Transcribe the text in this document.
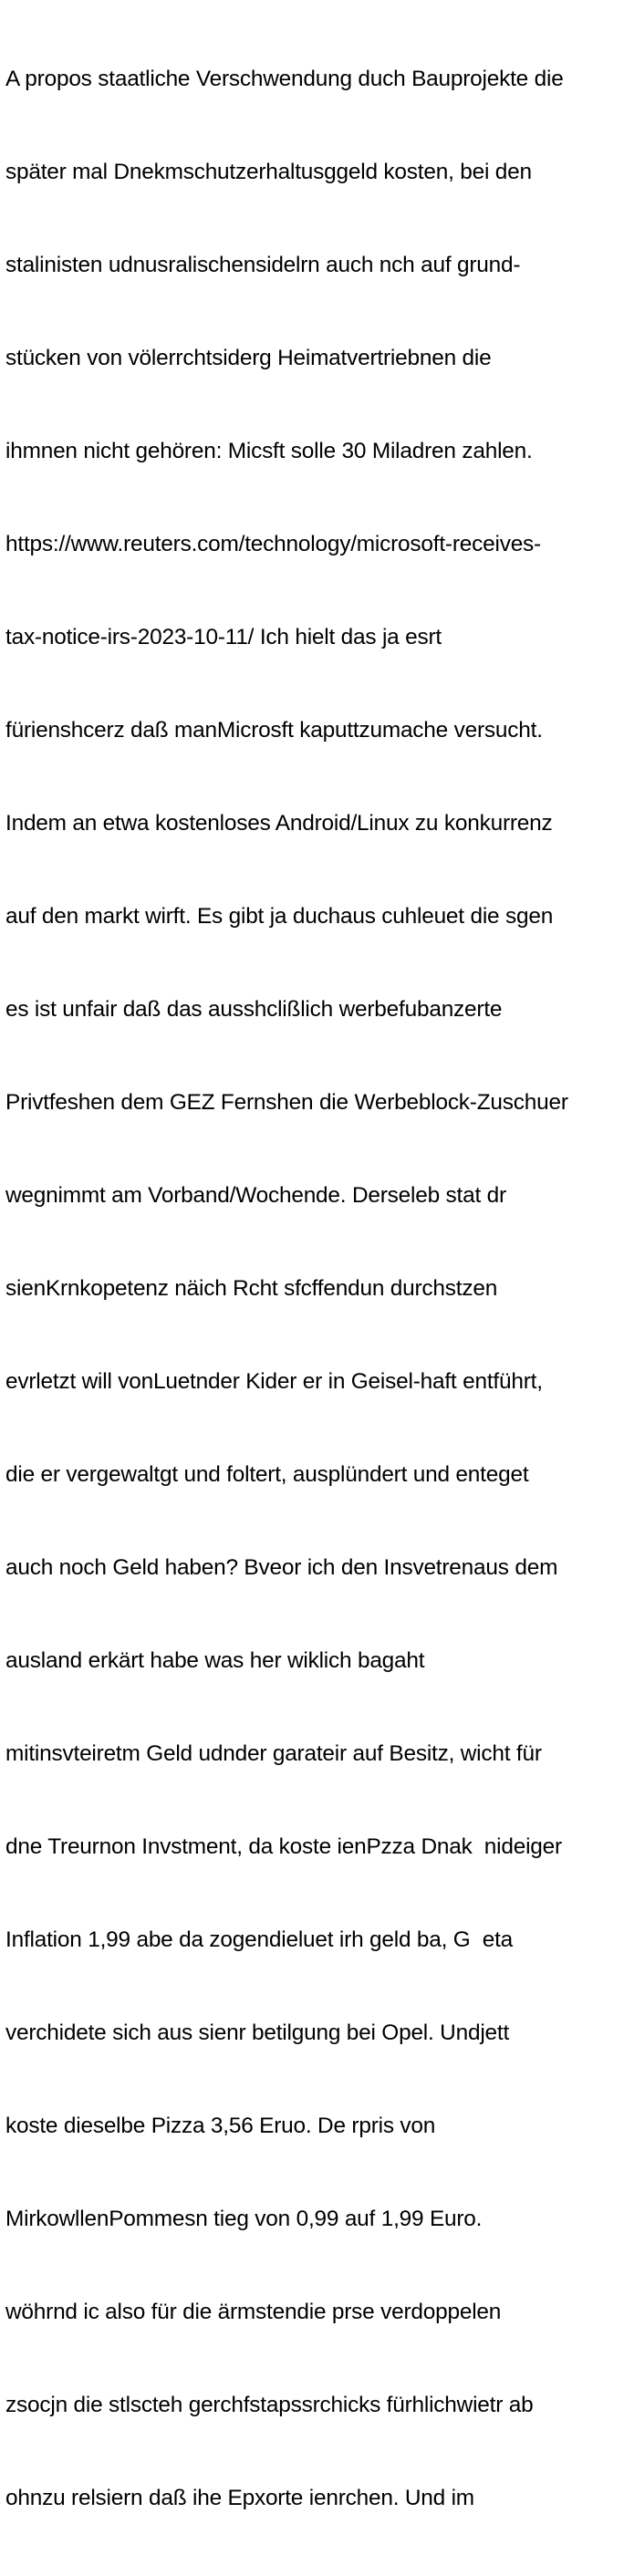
A propos staatliche Verschwendung duch Bauprojekte die

später mal Dnekmschutzerhaltusggeld kosten, bei den

stalinisten udnusralischensidelrn auch nch auf grund-

stücken von völerrchtsiderg Heimatvertriebnen die

ihmnen nicht gehören: Micsft solle 30 Miladren zahlen.

https://www.reuters.com/technology/microsoft-receives-

tax-notice-irs-2023-10-11/ Ich hielt das ja esrt

fürienshcerz daß manMicrosft kaputtzumache versucht.

Indem an etwa kostenloses Android/Linux zu konkurrenz

auf den markt wirft. Es gibt ja duchaus cuhleuet die sgen

es ist unfair daß das ausshclißlich werbefubanzerte

Privtfeshen dem GEZ Fernshen die Werbeblock-Zuschuer

wegnimmt am Vorband/Wochende. Derseleb stat dr

sienKrnkopetenz näich Rcht sfcffendun durchstzen

evrletzt will vonLuetnder Kider er in Geisel-haft entführt,

die er vergewaltgt und foltert, ausplündert und enteget

auch noch Geld haben? Bveor ich den Insvetrenaus dem

ausland erkärt habe was her wiklich bagaht

mitinsvteiretm Geld udnder garateir auf Besitz, wicht für

dne Treurnon Invstment, da koste ienPzza Dnak  nideiger

Inflation 1,99 abe da zogendieluet irh geld ba, G  eta

verchidete sich aus sienr betilgung bei Opel. Undjett

koste dieselbe Pizza 3,56 Eruo. De rpris von

MirkowllenPommesn tieg von 0,99 auf 1,99 Euro.

wöhrnd ic also für die ärmstendie prse verdoppelen

zsocjn die stlscteh gerchfstapssrchicks fürhlichwietr ab

ohnzu relsiern daß ihe Epxorte ienrchen. Und im
